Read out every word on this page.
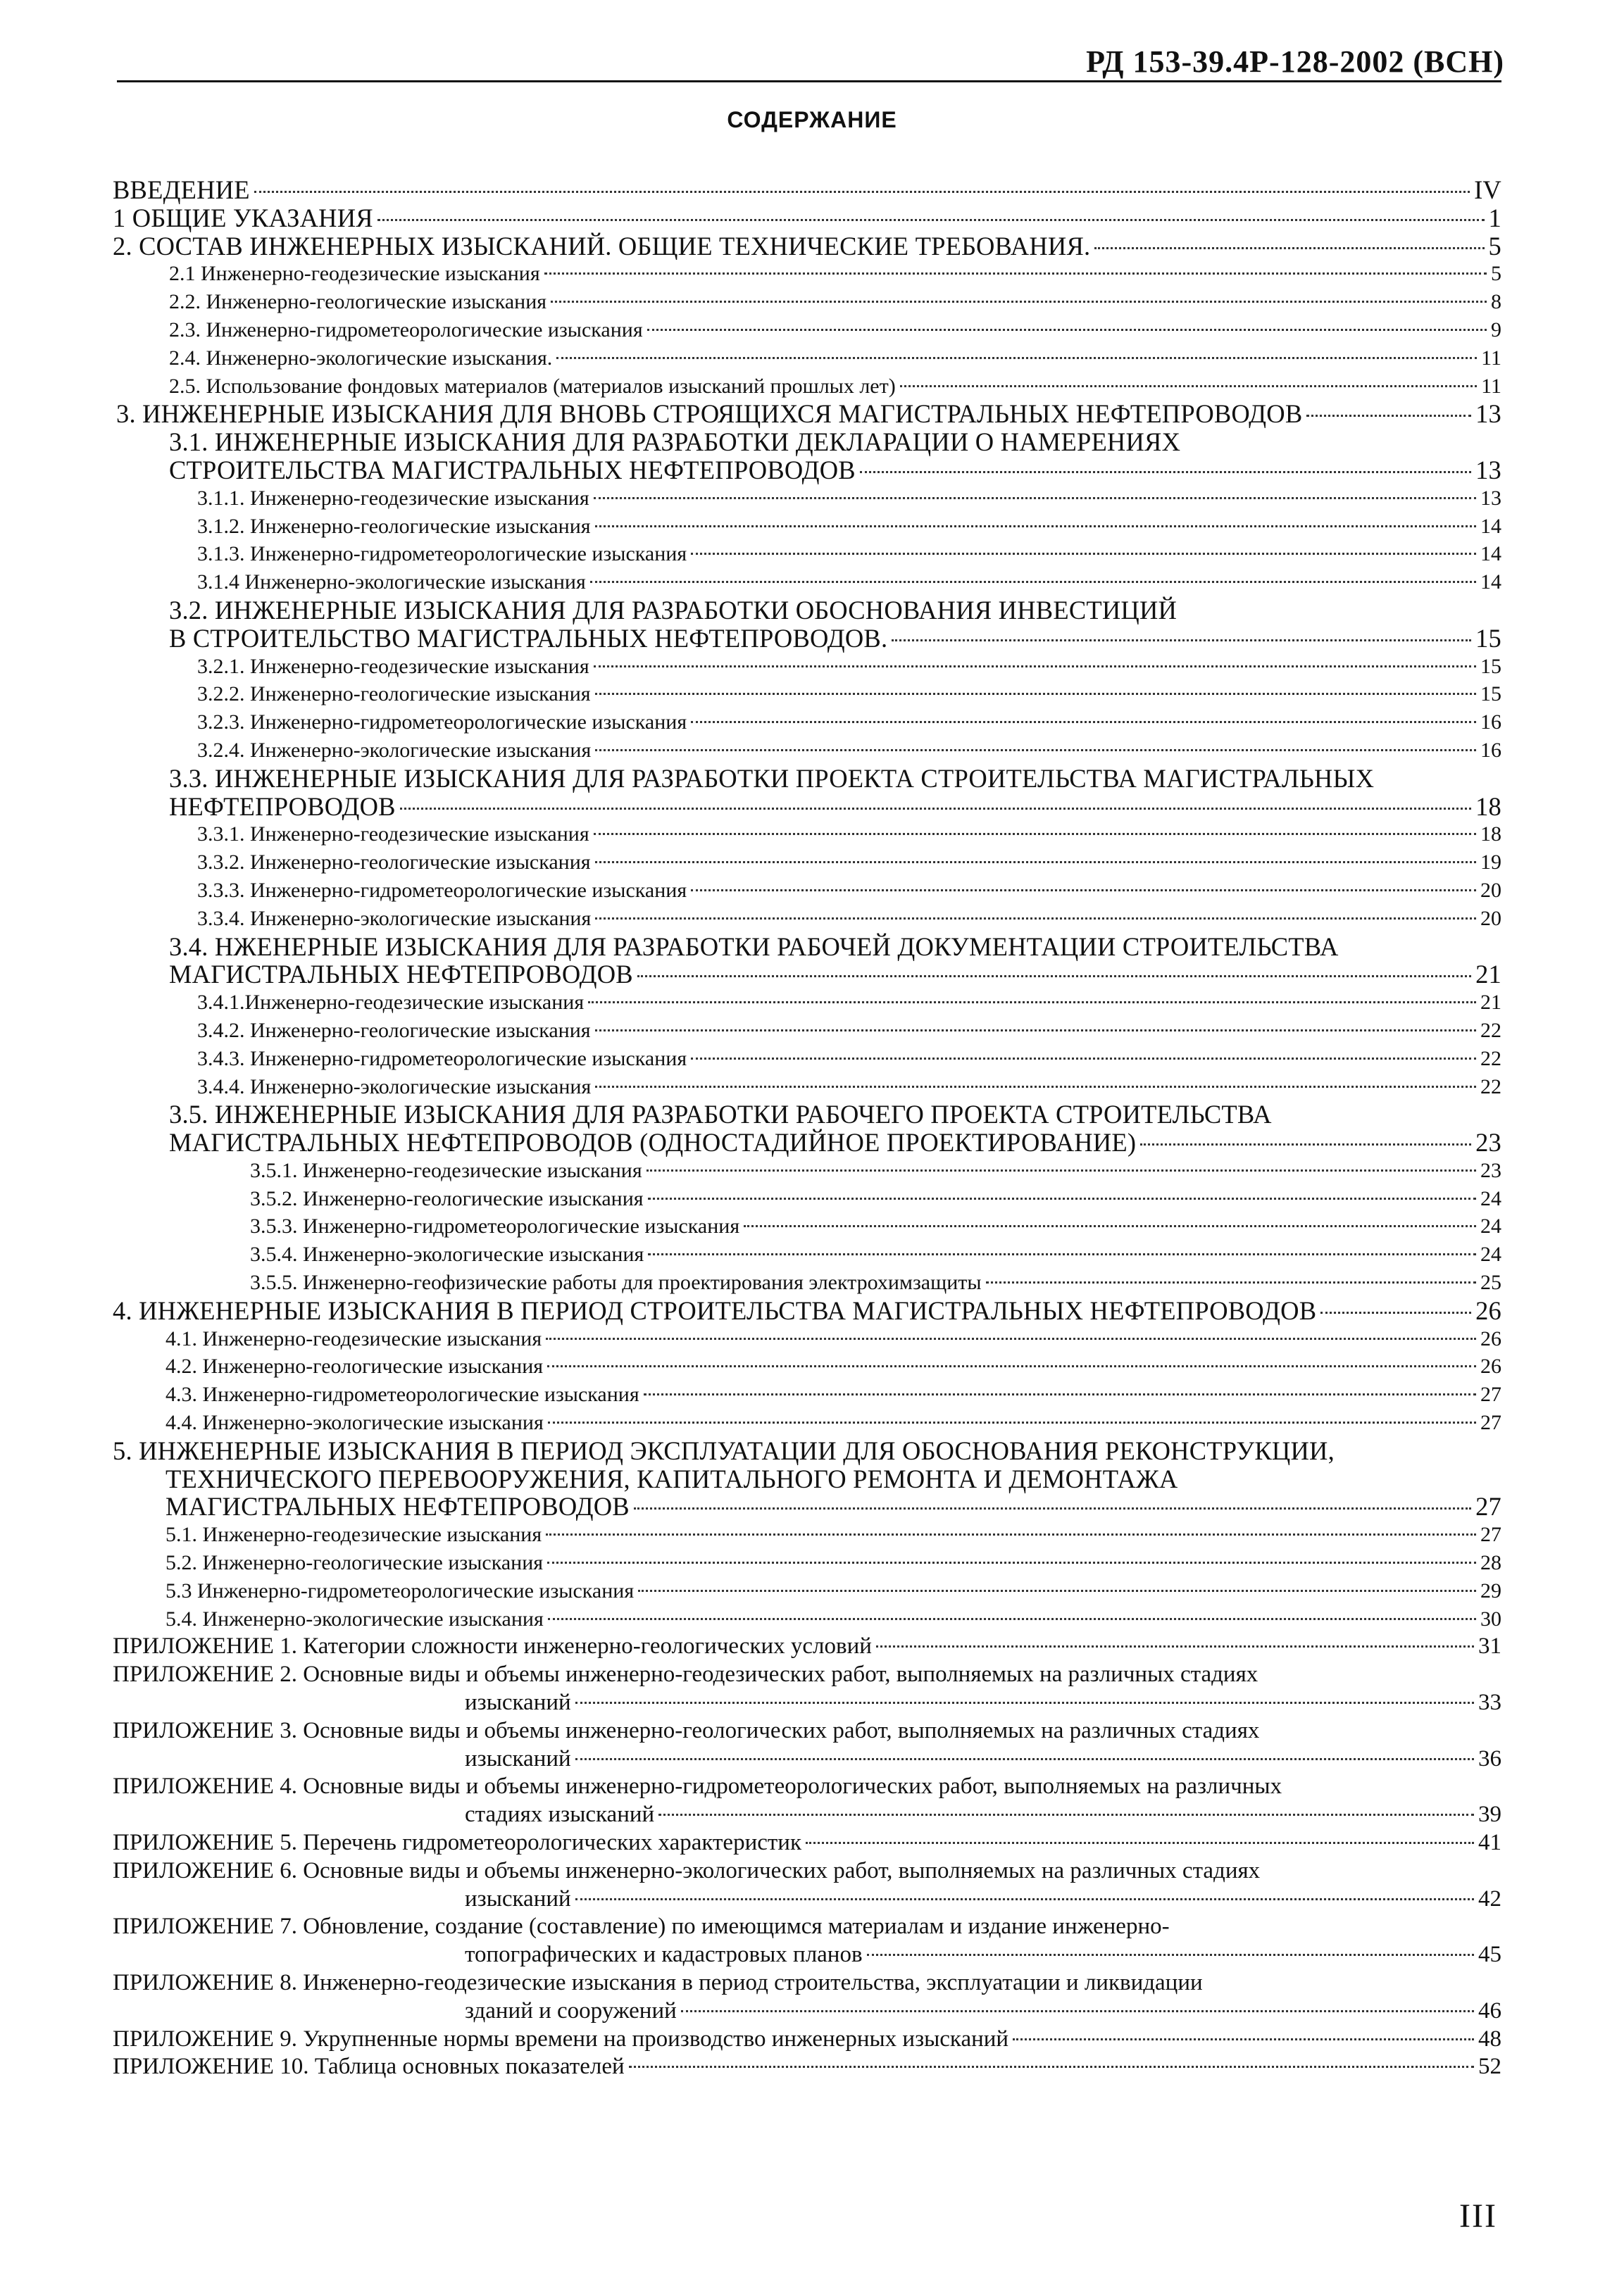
РД 153-39.4Р-128-2002 (ВСН)
СОДЕРЖАНИЕ
ВВЕДЕНИЕ	IV
1 ОБЩИЕ УКАЗАНИЯ	1
2. СОСТАВ ИНЖЕНЕРНЫХ ИЗЫСКАНИЙ. ОБЩИЕ ТЕХНИЧЕСКИЕ ТРЕБОВАНИЯ.	5
2.1 Инженерно-геодезические изыскания	5
2.2. Инженерно-геологические изыскания	8
2.3. Инженерно-гидрометеорологические изыскания	9
2.4. Инженерно-экологические изыскания.	11
2.5. Использование фондовых материалов (материалов изысканий прошлых лет)	11
3. ИНЖЕНЕРНЫЕ ИЗЫСКАНИЯ ДЛЯ ВНОВЬ СТРОЯЩИХСЯ МАГИСТРАЛЬНЫХ НЕФТЕПРОВОДОВ	13
3.1. ИНЖЕНЕРНЫЕ ИЗЫСКАНИЯ ДЛЯ РАЗРАБОТКИ ДЕКЛАРАЦИИ О НАМЕРЕНИЯХ
СТРОИТЕЛЬСТВА МАГИСТРАЛЬНЫХ НЕФТЕПРОВОДОВ	13
3.1.1. Инженерно-геодезические изыскания	13
3.1.2. Инженерно-геологические изыскания	14
3.1.3. Инженерно-гидрометеорологические изыскания	14
3.1.4 Инженерно-экологические изыскания	14
3.2. ИНЖЕНЕРНЫЕ ИЗЫСКАНИЯ ДЛЯ РАЗРАБОТКИ ОБОСНОВАНИЯ ИНВЕСТИЦИЙ
В СТРОИТЕЛЬСТВО МАГИСТРАЛЬНЫХ НЕФТЕПРОВОДОВ.	15
3.2.1. Инженерно-геодезические изыскания	15
3.2.2. Инженерно-геологические изыскания	15
3.2.3. Инженерно-гидрометеорологические изыскания	16
3.2.4. Инженерно-экологические изыскания	16
3.3. ИНЖЕНЕРНЫЕ ИЗЫСКАНИЯ ДЛЯ РАЗРАБОТКИ ПРОЕКТА СТРОИТЕЛЬСТВА МАГИСТРАЛЬНЫХ
НЕФТЕПРОВОДОВ	18
3.3.1. Инженерно-геодезические изыскания	18
3.3.2. Инженерно-геологические изыскания	19
3.3.3. Инженерно-гидрометеорологические изыскания	20
3.3.4. Инженерно-экологические изыскания	20
3.4. НЖЕНЕРНЫЕ ИЗЫСКАНИЯ ДЛЯ РАЗРАБОТКИ РАБОЧЕЙ ДОКУМЕНТАЦИИ СТРОИТЕЛЬСТВА
МАГИСТРАЛЬНЫХ НЕФТЕПРОВОДОВ	21
3.4.1.Инженерно-геодезические изыскания	21
3.4.2. Инженерно-геологические изыскания	22
3.4.3. Инженерно-гидрометеорологические изыскания	22
3.4.4. Инженерно-экологические изыскания	22
3.5. ИНЖЕНЕРНЫЕ ИЗЫСКАНИЯ ДЛЯ РАЗРАБОТКИ РАБОЧЕГО ПРОЕКТА СТРОИТЕЛЬСТВА
МАГИСТРАЛЬНЫХ НЕФТЕПРОВОДОВ (ОДНОСТАДИЙНОЕ ПРОЕКТИРОВАНИЕ)	23
3.5.1. Инженерно-геодезические изыскания	23
3.5.2. Инженерно-геологические изыскания	24
3.5.3. Инженерно-гидрометеорологические изыскания	24
3.5.4. Инженерно-экологические изыскания	24
3.5.5. Инженерно-геофизические работы для проектирования электрохимзащиты	25
4. ИНЖЕНЕРНЫЕ ИЗЫСКАНИЯ В ПЕРИОД СТРОИТЕЛЬСТВА МАГИСТРАЛЬНЫХ НЕФТЕПРОВОДОВ	26
4.1. Инженерно-геодезические изыскания	26
4.2. Инженерно-геологические изыскания	26
4.3. Инженерно-гидрометеорологические изыскания	27
4.4. Инженерно-экологические изыскания	27
5. ИНЖЕНЕРНЫЕ ИЗЫСКАНИЯ В ПЕРИОД ЭКСПЛУАТАЦИИ ДЛЯ ОБОСНОВАНИЯ РЕКОНСТРУКЦИИ,
ТЕХНИЧЕСКОГО ПЕРЕВООРУЖЕНИЯ, КАПИТАЛЬНОГО РЕМОНТА И ДЕМОНТАЖА
МАГИСТРАЛЬНЫХ НЕФТЕПРОВОДОВ	27
5.1. Инженерно-геодезические изыскания	27
5.2. Инженерно-геологические изыскания	28
5.3 Инженерно-гидрометеорологические изыскания	29
5.4. Инженерно-экологические изыскания	30
ПРИЛОЖЕНИЕ 1. Категории сложности инженерно-геологических условий	31
ПРИЛОЖЕНИЕ 2. Основные виды и объемы инженерно-геодезических работ, выполняемых на различных стадиях
изысканий	33
ПРИЛОЖЕНИЕ 3. Основные виды и объемы инженерно-геологических работ, выполняемых на различных стадиях
изысканий	36
ПРИЛОЖЕНИЕ 4. Основные виды и объемы инженерно-гидрометеорологических работ, выполняемых на различных
стадиях изысканий	39
ПРИЛОЖЕНИЕ 5. Перечень гидрометеорологических характеристик	41
ПРИЛОЖЕНИЕ 6. Основные виды и объемы инженерно-экологических работ, выполняемых на различных стадиях
изысканий	42
ПРИЛОЖЕНИЕ 7. Обновление, создание (составление) по имеющимся материалам и издание инженерно-
топографических и кадастровых планов	45
ПРИЛОЖЕНИЕ 8. Инженерно-геодезические изыскания в период строительства, эксплуатации и ликвидации
зданий и сооружений	46
ПРИЛОЖЕНИЕ 9. Укрупненные нормы времени на производство инженерных изысканий	48
ПРИЛОЖЕНИЕ 10. Таблица основных показателей	52
III
